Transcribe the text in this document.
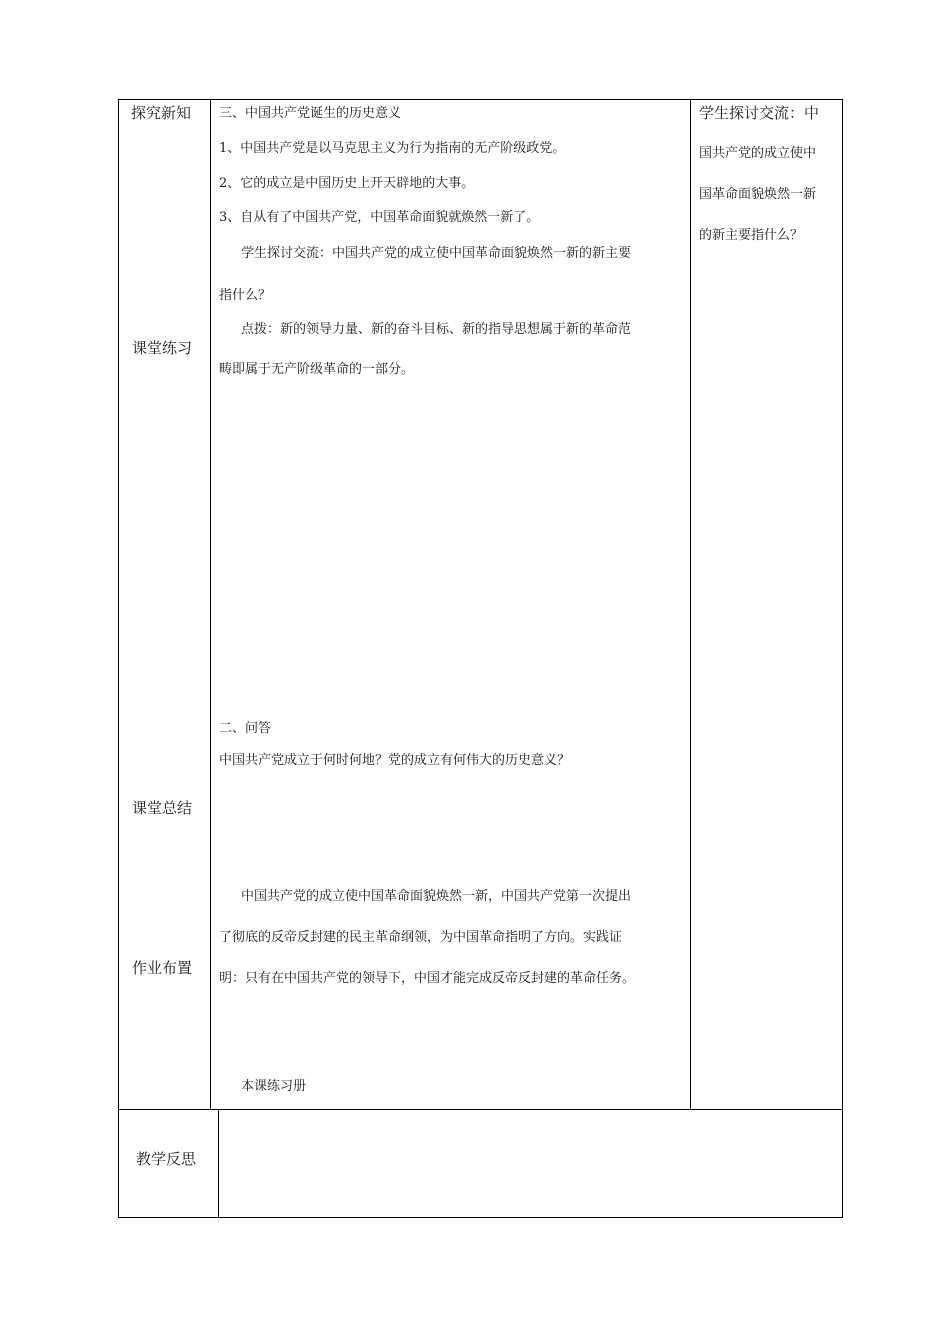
探究新知
课堂练习
课堂总结
作业布置
教学反思
三、中国共产党诞生的历史意义
1、中国共产党是以马克思主义为行为指南的无产阶级政党。
2、它的成立是中国历史上开天辟地的大事。
3、自从有了中国共产党，中国革命面貌就焕然一新了。
学生探讨交流：中国共产党的成立使中国革命面貌焕然一新的新主要
指什么？
点拨：新的领导力量、新的奋斗目标、新的指导思想属于新的革命范
畴即属于无产阶级革命的一部分。
二、问答
中国共产党成立于何时何地？党的成立有何伟大的历史意义？
中国共产党的成立使中国革命面貌焕然一新，中国共产党第一次提出
了彻底的反帝反封建的民主革命纲领，为中国革命指明了方向。实践证
明：只有在中国共产党的领导下，中国才能完成反帝反封建的革命任务。
本课练习册
学生探讨交流：中
国共产党的成立使中
国革命面貌焕然一新
的新主要指什么？
